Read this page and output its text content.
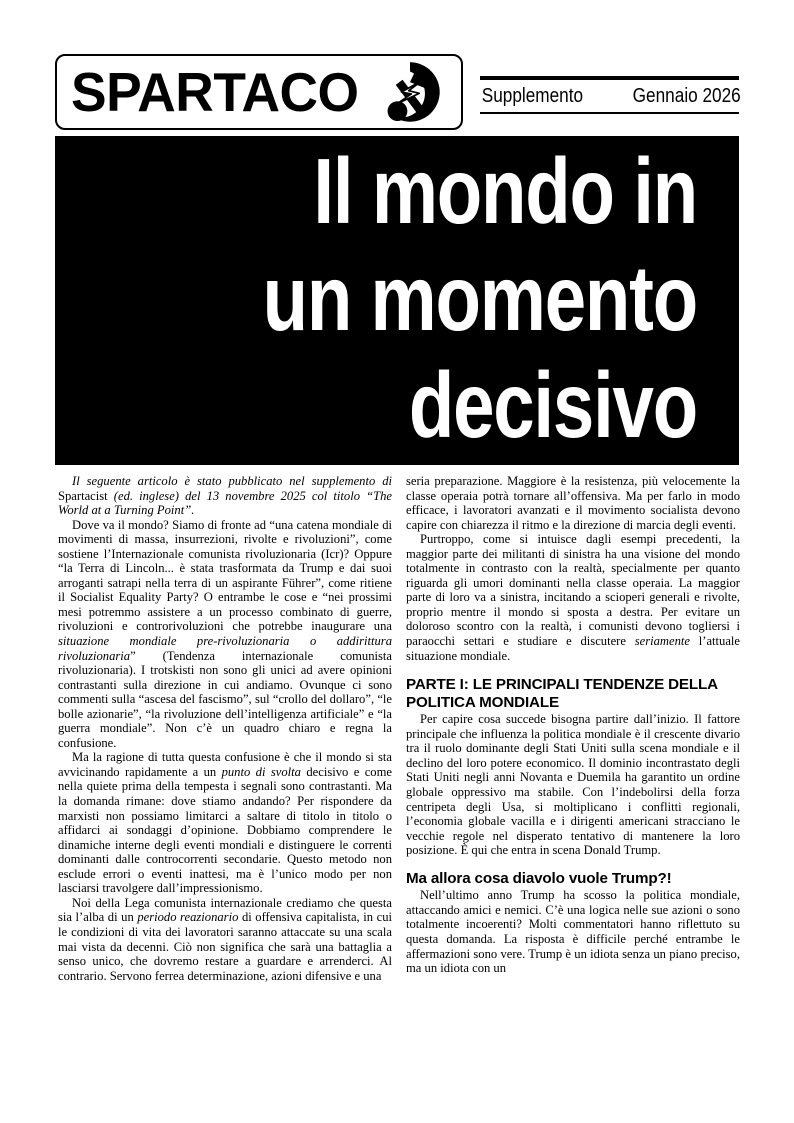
SPARTACO	Supplemento Gennaio 2026
Il mondo in
un momento
decisivo

Il seguente articolo è stato pubblicato nel supplemento di Spartacist (ed. inglese) del 13 novembre 2025 col titolo “The World at a Turning Point”.

Dove va il mondo? Siamo di fronte ad “una catena mondiale di movimenti di massa, insurrezioni, rivolte e rivoluzioni”, come sostiene l’Internazionale comunista rivoluzionaria (Icr)? Oppure “la Terra di Lincoln... è stata trasformata da Trump e dai suoi arroganti satrapi nella terra di un aspirante Führer”, come ritiene il Socialist Equality Party? O entrambe le cose e “nei prossimi mesi potremmo assistere a un processo combinato di guerre, rivoluzioni e controrivoluzioni che potrebbe inaugurare una situazione mondiale pre-rivoluzionaria o addirittura rivoluzionaria” (Tendenza internazionale comunista rivoluzionaria). I trotskisti non sono gli unici ad avere opinioni contrastanti sulla direzione in cui andiamo. Ovunque ci sono commenti sulla “ascesa del fascismo”, sul “crollo del dollaro”, “le bolle azionarie”, “la rivoluzione dell’intelligenza artificiale” e “la guerra mondiale”. Non c’è un quadro chiaro e regna la confusione.

Ma la ragione di tutta questa confusione è che il mondo si sta avvicinando rapidamente a un punto di svolta decisivo e come nella quiete prima della tempesta i segnali sono contrastanti. Ma la domanda rimane: dove stiamo andando? Per rispondere da marxisti non possiamo limitarci a saltare di titolo in titolo o affidarci ai sondaggi d’opinione. Dobbiamo comprendere le dinamiche interne degli eventi mondiali e distinguere le correnti dominanti dalle controcorrenti secondarie. Questo metodo non esclude errori o eventi inattesi, ma è l’unico modo per non lasciarsi travolgere dall’impressionismo.

Noi della Lega comunista internazionale crediamo che questa sia l’alba di un periodo reazionario di offensiva capitalista, in cui le condizioni di vita dei lavoratori saranno attaccate su una scala mai vista da decenni. Ciò non significa che sarà una battaglia a senso unico, che dovremo restare a guardare e arrenderci. Al contrario. Servono ferrea determinazione, azioni difensive e una

seria preparazione. Maggiore è la resistenza, più velocemente la classe operaia potrà tornare all’offensiva. Ma per farlo in modo efficace, i lavoratori avanzati e il movimento socialista devono capire con chiarezza il ritmo e la direzione di marcia degli eventi.

Purtroppo, come si intuisce dagli esempi precedenti, la maggior parte dei militanti di sinistra ha una visione del mondo totalmente in contrasto con la realtà, specialmente per quanto riguarda gli umori dominanti nella classe operaia. La maggior parte di loro va a sinistra, incitando a scioperi generali e rivolte, proprio mentre il mondo si sposta a destra. Per evitare un doloroso scontro con la realtà, i comunisti devono togliersi i paraocchi settari e studiare e discutere seriamente l’attuale situazione mondiale.

PARTE I: LE PRINCIPALI TENDENZE DELLA POLITICA MONDIALE

Per capire cosa succede bisogna partire dall’inizio. Il fattore principale che influenza la politica mondiale è il crescente divario tra il ruolo dominante degli Stati Uniti sulla scena mondiale e il declino del loro potere economico. Il dominio incontrastato degli Stati Uniti negli anni Novanta e Duemila ha garantito un ordine globale oppressivo ma stabile. Con l’indebolirsi della forza centripeta degli Usa, si moltiplicano i conflitti regionali, l’economia globale vacilla e i dirigenti americani stracciano le vecchie regole nel disperato tentativo di mantenere la loro posizione. È qui che entra in scena Donald Trump.

Ma allora cosa diavolo vuole Trump?!

Nell’ultimo anno Trump ha scosso la politica mondiale, attaccando amici e nemici. C’è una logica nelle sue azioni o sono totalmente incoerenti? Molti commentatori hanno riflettuto su questa domanda. La risposta è difficile perché entrambe le affermazioni sono vere. Trump è un idiota senza un piano preciso, ma un idiota con un
